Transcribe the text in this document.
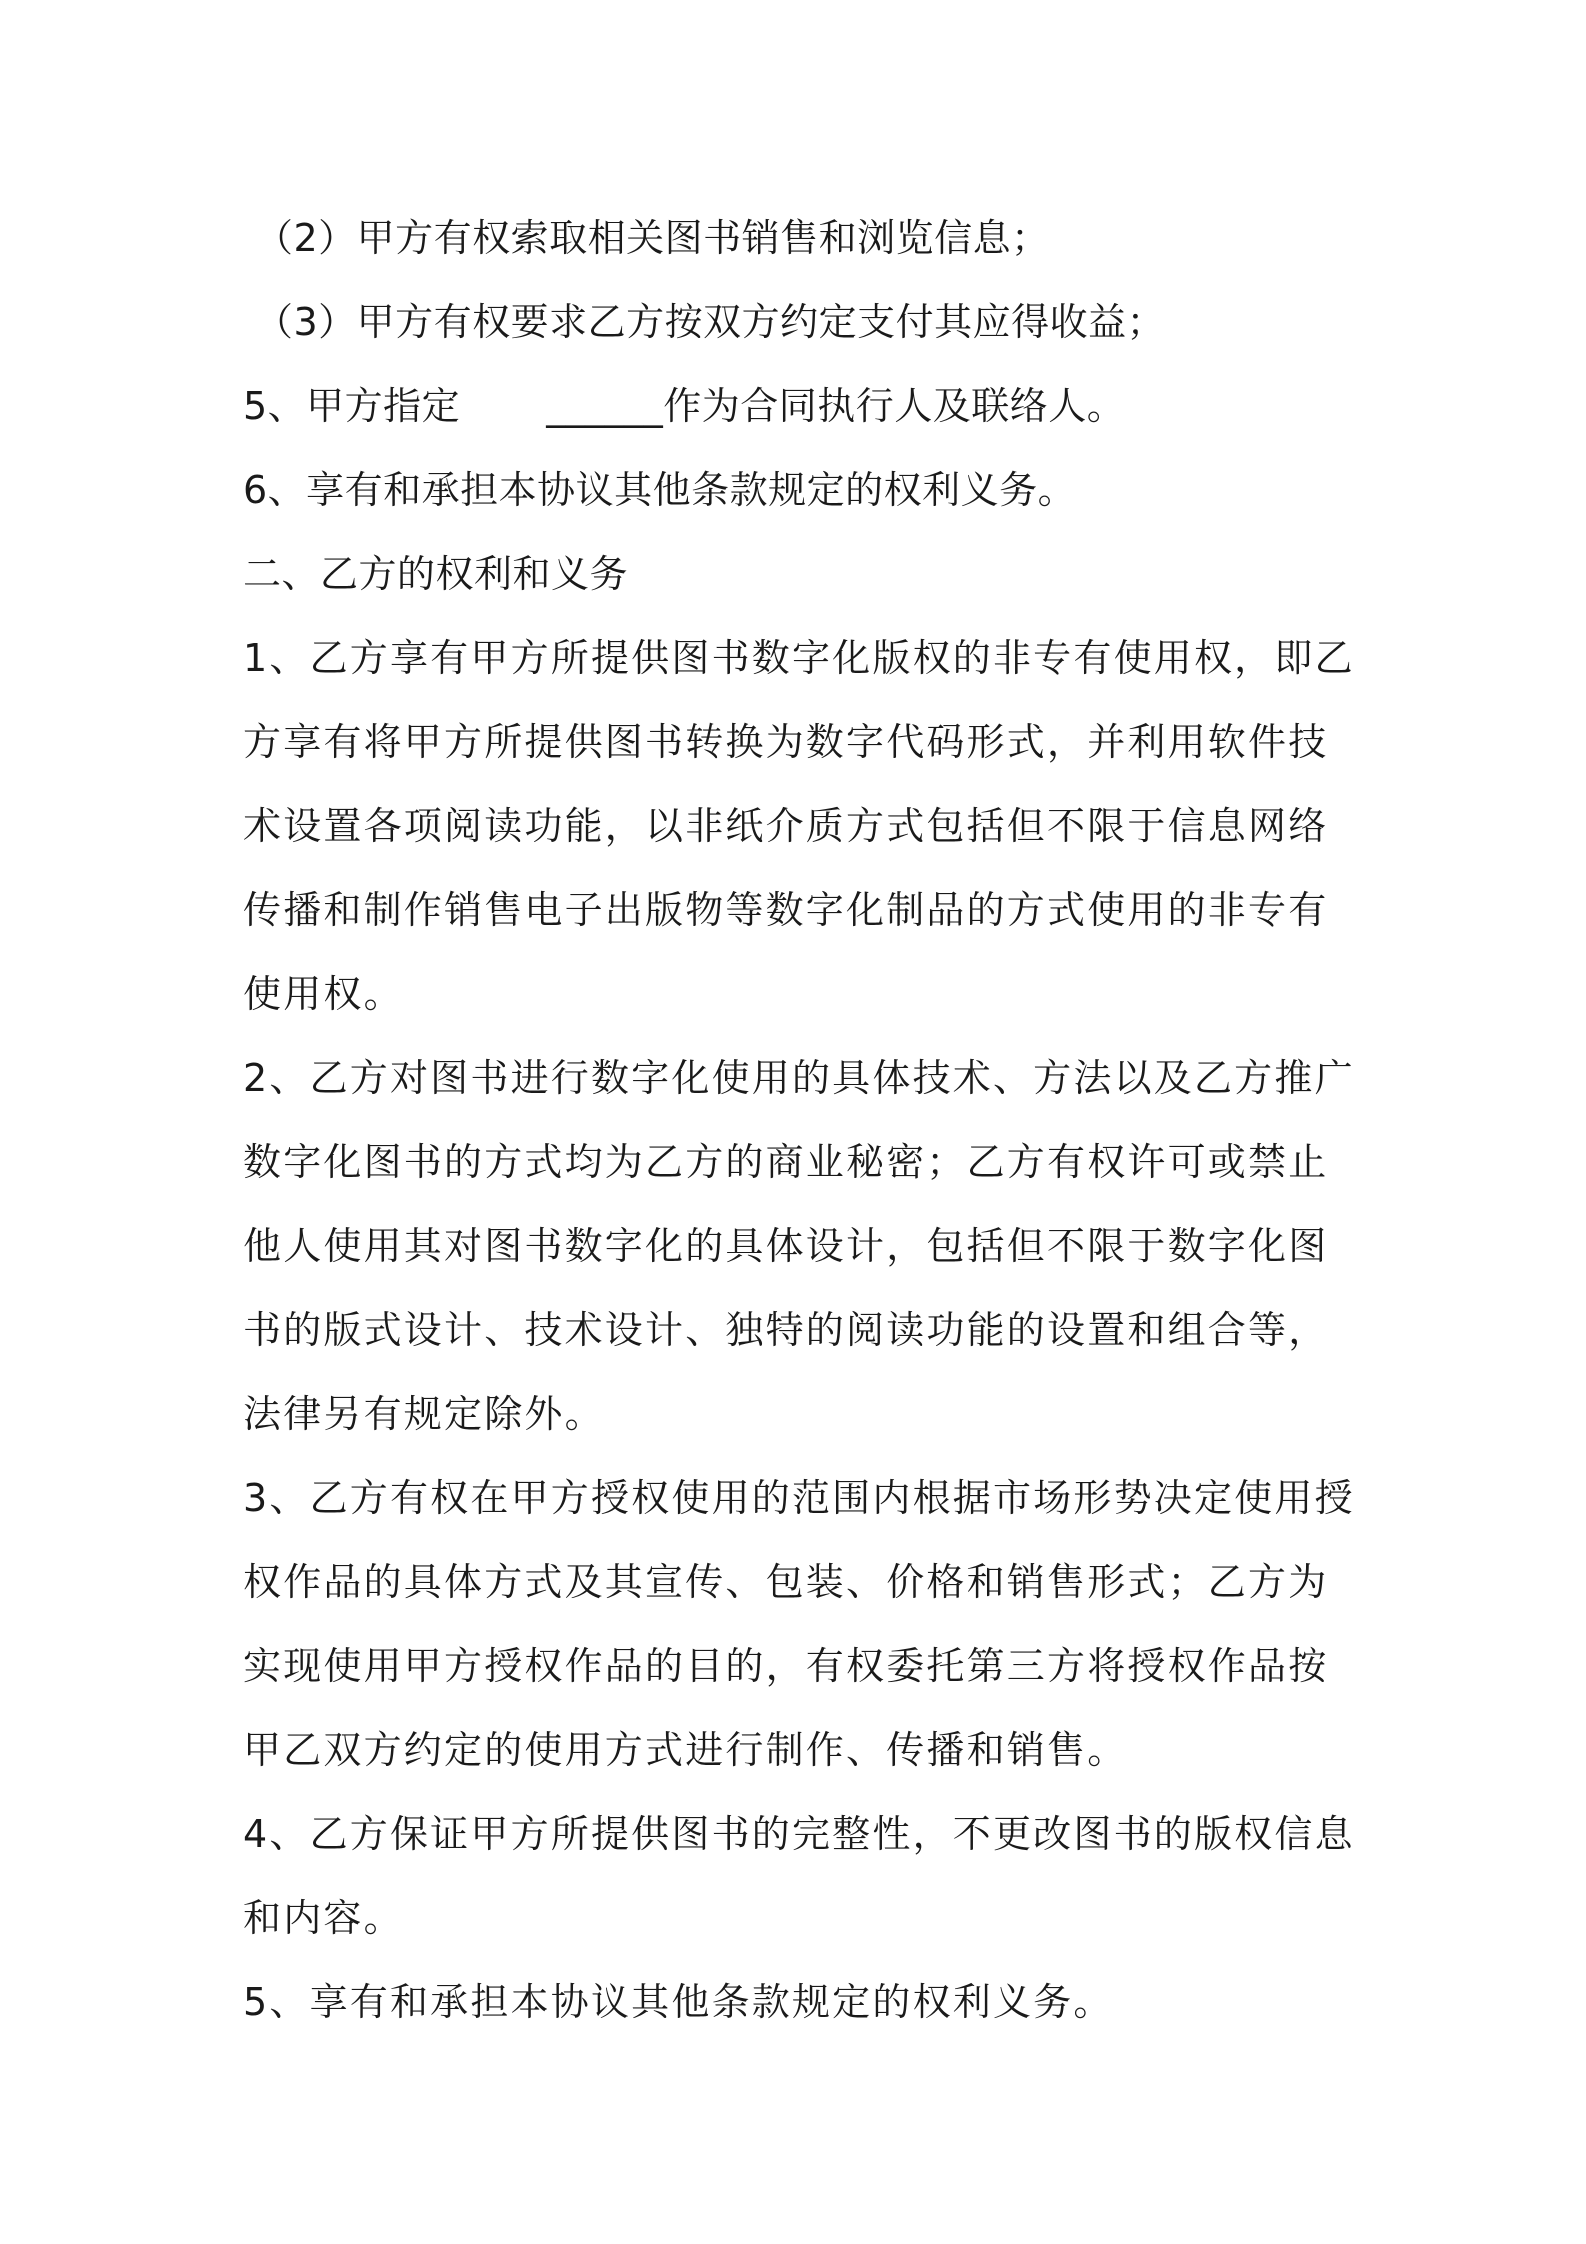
（2）甲方有权索取相关图书销售和浏览信息；
（3）甲方有权要求乙方按双方约定支付其应得收益；
5、甲方指定 ______作为合同执行人及联络人。
6、享有和承担本协议其他条款规定的权利义务。
二、乙方的权利和义务
1、乙方享有甲方所提供图书数字化版权的非专有使用权，即乙方享有将甲方所提供图书转换为数字代码形式，并利用软件技术设置各项阅读功能，以非纸介质方式包括但不限于信息网络传播和制作销售电子出版物等数字化制品的方式使用的非专有使用权。
2、乙方对图书进行数字化使用的具体技术、方法以及乙方推广数字化图书的方式均为乙方的商业秘密；乙方有权许可或禁止他人使用其对图书数字化的具体设计，包括但不限于数字化图书的版式设计、技术设计、独特的阅读功能的设置和组合等，法律另有规定除外。
3、乙方有权在甲方授权使用的范围内根据市场形势决定使用授权作品的具体方式及其宣传、包装、价格和销售形式；乙方为实现使用甲方授权作品的目的，有权委托第三方将授权作品按甲乙双方约定的使用方式进行制作、传播和销售。
4、乙方保证甲方所提供图书的完整性，不更改图书的版权信息和内容。
5、享有和承担本协议其他条款规定的权利义务。
